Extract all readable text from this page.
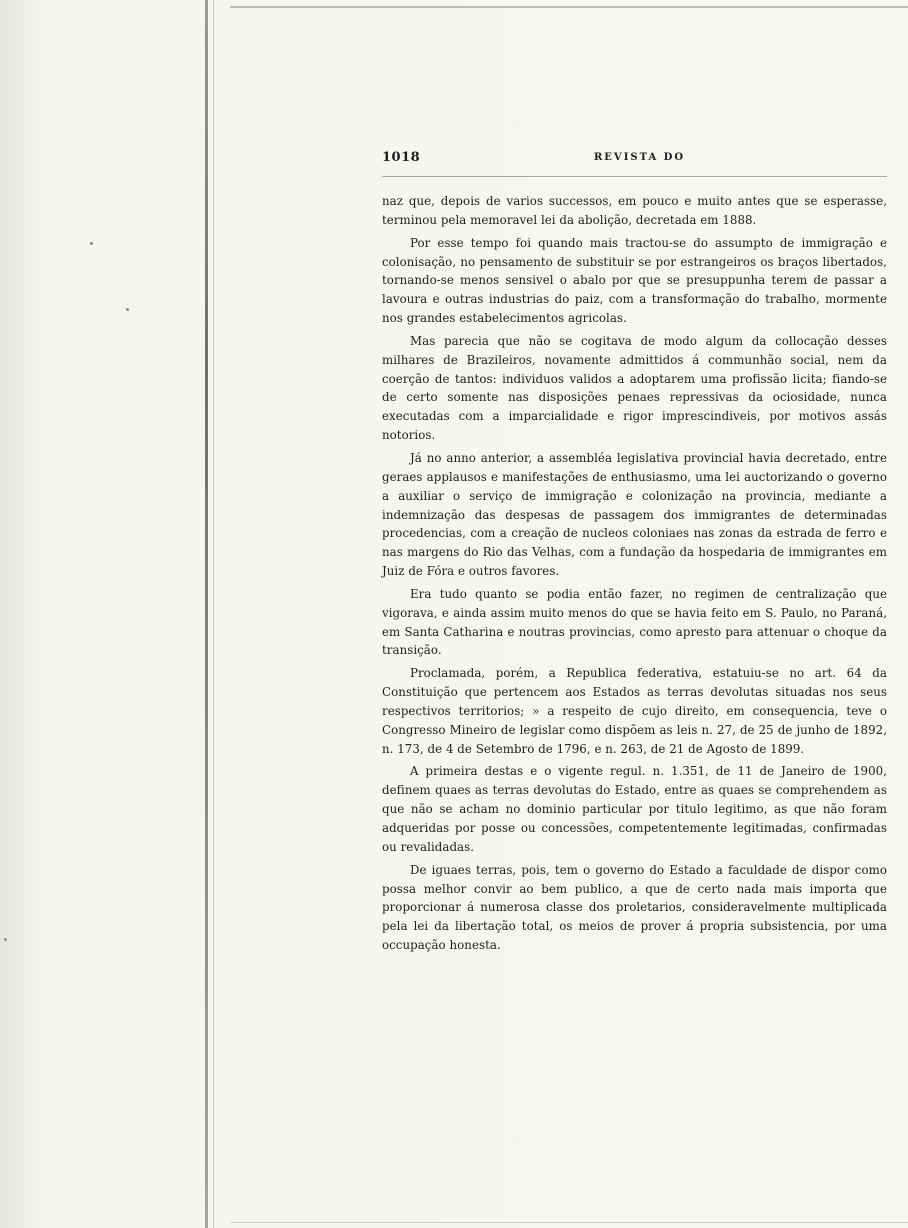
1018	REVISTA DO

naz que, depois de varios successos, em pouco e muito antes que se esperasse, terminou pela memoravel lei da abolição, decretada em 1888.

Por esse tempo foi quando mais tractou-se do assumpto de immigração e colonisação, no pensamento de substituir se por estrangeiros os braços libertados, tornando-se menos sensivel o abalo por que se presuppunha terem de passar a lavoura e outras industrias do paiz, com a transformação do trabalho, mormente nos grandes estabelecimentos agricolas.

Mas parecia que não se cogitava de modo algum da collocação desses milhares de Brazileiros, novamente admittidos á communhão social, nem da coerção de tantos: individuos validos a adoptarem uma profissão licita; fiando-se de certo somente nas disposições penaes repressivas da ociosidade, nunca executadas com a imparcialidade e rigor imprescindiveis, por motivos assás notorios.

Já no anno anterior, a assembléa legislativa provincial havia decretado, entre geraes applausos e manifestações de enthusiasmo, uma lei auctorizando o governo a auxiliar o serviço de immigração e colonização na provincia, mediante a indemnização das despesas de passagem dos immigrantes de determinadas procedencias, com a creação de nucleos coloniaes nas zonas da estrada de ferro e nas margens do Rio das Velhas, com a fundação da hospedaria de immigrantes em Juiz de Fóra e outros favores.

Era tudo quanto se podia então fazer, no regimen de centralização que vigorava, e ainda assim muito menos do que se havia feito em S. Paulo, no Paraná, em Santa Catharina e noutras provincias, como apresto para attenuar o choque da transição.

Proclamada, porém, a Republica federativa, estatuiu-se no art. 64 da Constituição que pertencem aos Estados as terras devolutas situadas nos seus respectivos territorios; » a respeito de cujo direito, em consequencia, teve o Congresso Mineiro de legislar como dispõem as leis n. 27, de 25 de junho de 1892, n. 173, de 4 de Setembro de 1796, e n. 263, de 21 de Agosto de 1899.

A primeira destas e o vigente regul. n. 1.351, de 11 de Janeiro de 1900, definem quaes as terras devolutas do Estado, entre as quaes se comprehendem as que não se acham no dominio particular por titulo legitimo, as que não foram adqueridas por posse ou concessões, competentemente legitimadas, confirmadas ou revalidadas.

De iguaes terras, pois, tem o governo do Estado a faculdade de dispor como possa melhor convir ao bem publico, a que de certo nada mais importa que proporcionar á numerosa classe dos proletarios, consideravelmente multiplicada pela lei da libertação total, os meios de prover á propria subsistencia, por uma occupação honesta.
